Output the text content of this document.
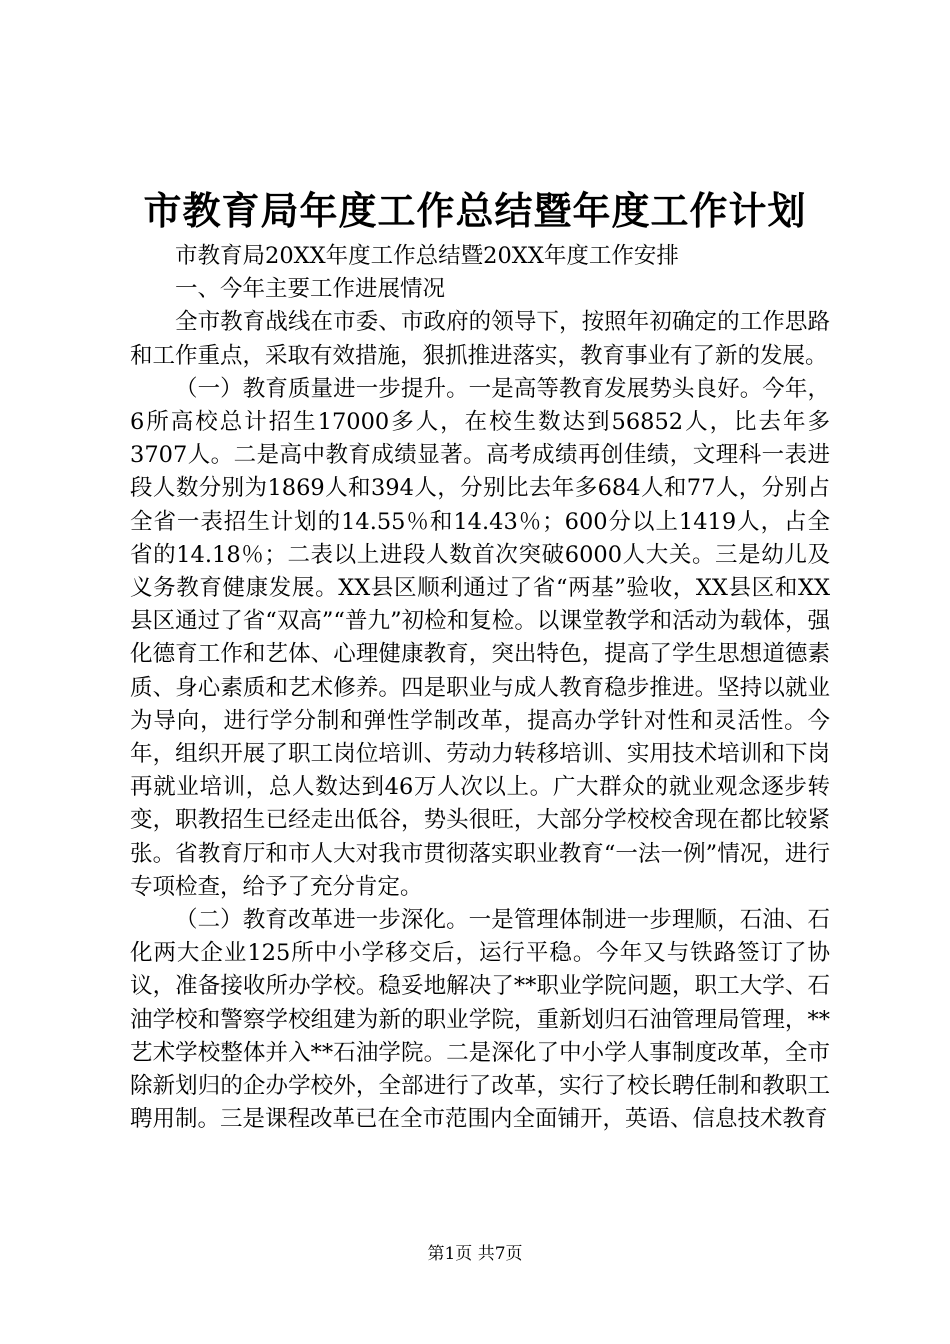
市教育局年度工作总结暨年度工作计划

市教育局20XX年度工作总结暨20XX年度工作安排

一、今年主要工作进展情况

全市教育战线在市委、市政府的领导下，按照年初确定的工作思路和工作重点，采取有效措施，狠抓推进落实，教育事业有了新的发展。

（一）教育质量进一步提升。一是高等教育发展势头良好。今年，6所高校总计招生17000多人，在校生数达到56852人，比去年多3707人。二是高中教育成绩显著。高考成绩再创佳绩，文理科一表进段人数分别为1869人和394人，分别比去年多684人和77人，分别占全省一表招生计划的14.55％和14.43％；600分以上1419人，占全省的14.18％；二表以上进段人数首次突破6000人大关。三是幼儿及义务教育健康发展。XX县区顺利通过了省“两基”验收，XX县区和XX县区通过了省“双高”“普九”初检和复检。以课堂教学和活动为载体，强化德育工作和艺体、心理健康教育，突出特色，提高了学生思想道德素质、身心素质和艺术修养。四是职业与成人教育稳步推进。坚持以就业为导向，进行学分制和弹性学制改革，提高办学针对性和灵活性。今年，组织开展了职工岗位培训、劳动力转移培训、实用技术培训和下岗再就业培训，总人数达到46万人次以上。广大群众的就业观念逐步转变，职教招生已经走出低谷，势头很旺，大部分学校校舍现在都比较紧张。省教育厅和市人大对我市贯彻落实职业教育“一法一例”情况，进行专项检查，给予了充分肯定。

（二）教育改革进一步深化。一是管理体制进一步理顺，石油、石化两大企业125所中小学移交后，运行平稳。今年又与铁路签订了协议，准备接收所办学校。稳妥地解决了**职业学院问题，职工大学、石油学校和警察学校组建为新的职业学院，重新划归石油管理局管理，**艺术学校整体并入**石油学院。二是深化了中小学人事制度改革，全市除新划归的企办学校外，全部进行了改革，实行了校长聘任制和教职工聘用制。三是课程改革已在全市范围内全面铺开，英语、信息技术教育

第1页 共7页
